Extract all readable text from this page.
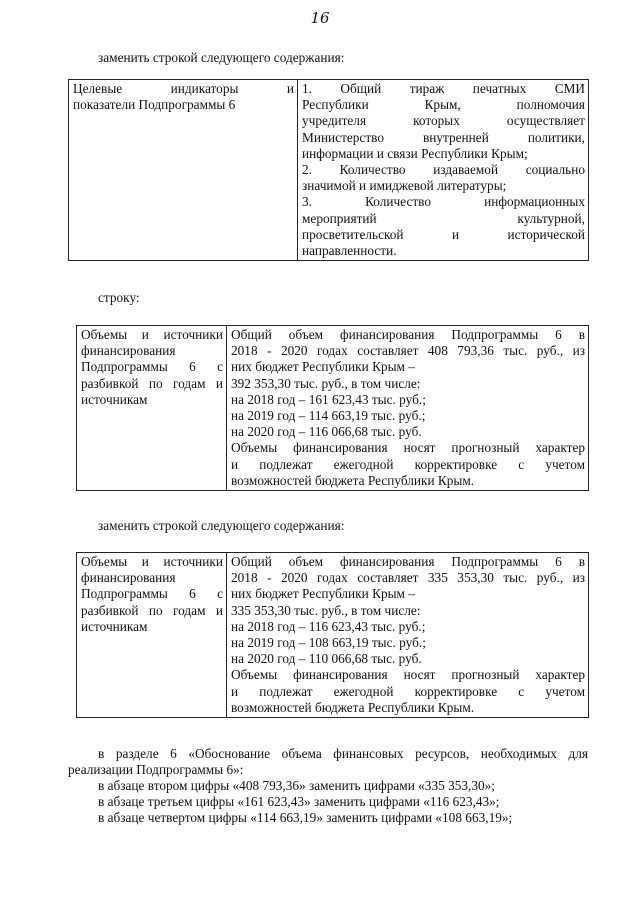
16

заменить строкой следующего содержания:

Целевые индикаторы и
показатели Подпрограммы 6

1. Общий тираж печатных СМИ
Республики Крым, полномочия
учредителя которых осуществляет
Министерство внутренней политики,
информации и связи Республики Крым;
2. Количество издаваемой социально
значимой и имиджевой литературы;
3. Количество информационных
мероприятий культурной,
просветительской и исторической
направленности.

строку:

Объемы и источники
финансирования
Подпрограммы 6 с
разбивкой по годам и
источникам

Общий объем финансирования Подпрограммы 6 в
2018 - 2020 годах составляет 408 793,36 тыс. руб., из
них бюджет Республики Крым –
392 353,30 тыс. руб., в том числе:
на 2018 год – 161 623,43 тыс. руб.;
на 2019 год – 114 663,19 тыс. руб.;
на 2020 год – 116 066,68 тыс. руб.
Объемы финансирования носят прогнозный характер
и подлежат ежегодной корректировке с учетом
возможностей бюджета Республики Крым.

заменить строкой следующего содержания:

Объемы и источники
финансирования
Подпрограммы 6 с
разбивкой по годам и
источникам

Общий объем финансирования Подпрограммы 6 в
2018 - 2020 годах составляет 335 353,30 тыс. руб., из
них бюджет Республики Крым –
335 353,30 тыс. руб., в том числе:
на 2018 год – 116 623,43 тыс. руб.;
на 2019 год – 108 663,19 тыс. руб.;
на 2020 год – 110 066,68 тыс. руб.
Объемы финансирования носят прогнозный характер
и подлежат ежегодной корректировке с учетом
возможностей бюджета Республики Крым.
в разделе 6 «Обоснование объема финансовых ресурсов, необходимых для
реализации Подпрограммы 6»:
в абзаце втором цифры «408 793,36» заменить цифрами «335 353,30»;
в абзаце третьем цифры «161 623,43» заменить цифрами «116 623,43»;
в абзаце четвертом цифры «114 663,19» заменить цифрами «108 663,19»;
